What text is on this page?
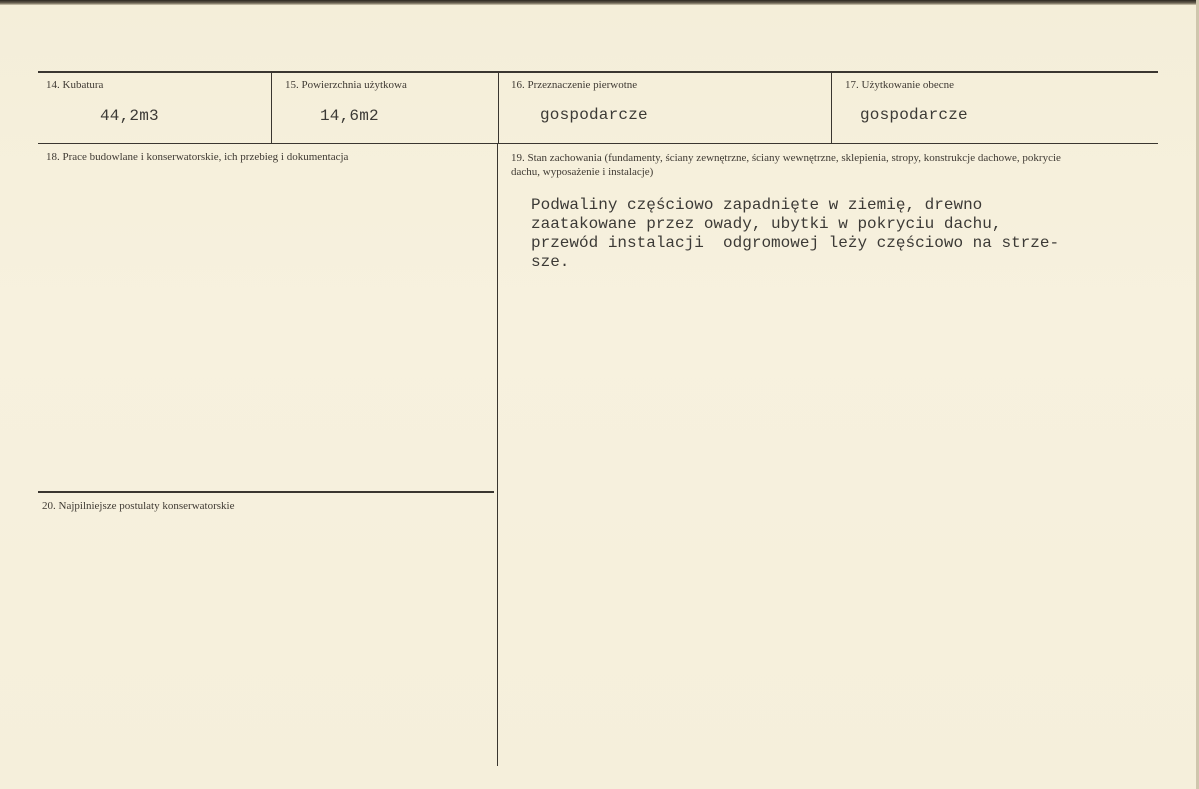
14. Kubatura
44,2m3
15. Powierzchnia użytkowa
14,6m2
16. Przeznaczenie pierwotne
gospodarcze
17. Użytkowanie obecne
gospodarcze
18. Prace budowlane i konserwatorskie, ich przebieg i dokumentacja	19. Stan zachowania (fundamenty, ściany zewnętrzne, ściany wewnętrzne, sklepienia, stropy, konstrukcje dachowe, pokrycie dachu, wyposażenie i instalacje)
Podwaliny częściowo zapadnięte w ziemię, drewno
zaatakowane przez owady, ubytki w pokryciu dachu,
przewód instalacji  odgromowej leży częściowo na strze-
sze.
20. Najpilniejsze postulaty konserwatorskie
